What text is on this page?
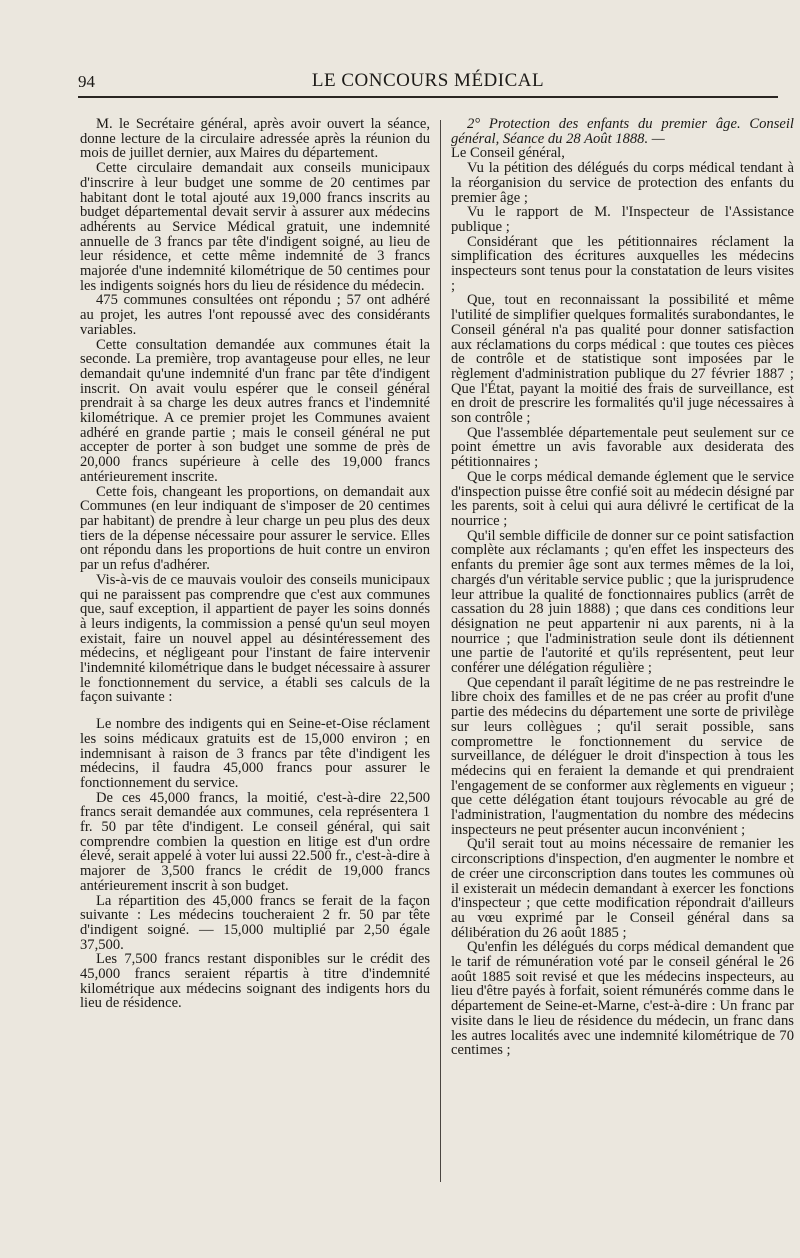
94	LE CONCOURS MÉDICAL

M. le Secrétaire général, après avoir ouvert la séance, donne lecture de la circulaire adressée après la réunion du mois de juillet dernier, aux Maires du département.

Cette circulaire demandait aux conseils municipaux d'inscrire à leur budget une somme de 20 centimes par habitant dont le total ajouté aux 19,000 francs inscrits au budget départemental devait servir à assurer aux médecins adhérents au Service Médical gratuit, une indemnité annuelle de 3 francs par tête d'indigent soigné, au lieu de leur résidence, et cette même indemnité de 3 francs majorée d'une indemnité kilométrique de 50 centimes pour les indigents soignés hors du lieu de résidence du médecin.

475 communes consultées ont répondu ; 57 ont adhéré au projet, les autres l'ont repoussé avec des considérants variables.

Cette consultation demandée aux communes était la seconde. La première, trop avantageuse pour elles, ne leur demandait qu'une indemnité d'un franc par tête d'indigent inscrit. On avait voulu espérer que le conseil général prendrait à sa charge les deux autres francs et l'indemnité kilométrique. A ce premier projet les Communes avaient adhéré en grande partie ; mais le conseil général ne put accepter de porter à son budget une somme de près de 20,000 francs supérieure à celle des 19,000 francs antérieurement inscrite.

Cette fois, changeant les proportions, on demandait aux Communes (en leur indiquant de s'imposer de 20 centimes par habitant) de prendre à leur charge un peu plus des deux tiers de la dépense nécessaire pour assurer le service. Elles ont répondu dans les proportions de huit contre un environ par un refus d'adhérer.

Vis-à-vis de ce mauvais vouloir des conseils municipaux qui ne paraissent pas comprendre que c'est aux communes que, sauf exception, il appartient de payer les soins donnés à leurs indigents, la commission a pensé qu'un seul moyen existait, faire un nouvel appel au désintéressement des médecins, et négligeant pour l'instant de faire intervenir l'indemnité kilométrique dans le budget nécessaire à assurer le fonctionnement du service, a établi ses calculs de la façon suivante :

Le nombre des indigents qui en Seine-et-Oise réclament les soins médicaux gratuits est de 15,000 environ ; en indemnisant à raison de 3 francs par tête d'indigent les médecins, il faudra 45,000 francs pour assurer le fonctionnement du service.

De ces 45,000 francs, la moitié, c'est-à-dire 22,500 francs serait demandée aux communes, cela représentera 1 fr. 50 par tête d'indigent. Le conseil général, qui sait comprendre combien la question en litige est d'un ordre élevé, serait appelé à voter lui aussi 22.500 fr., c'est-à-dire à majorer de 3,500 francs le crédit de 19,000 francs antérieurement inscrit à son budget.

La répartition des 45,000 francs se ferait de la façon suivante : Les médecins toucheraient 2 fr. 50 par tête d'indigent soigné. — 15,000 multiplié par 2,50 égale 37,500.

Les 7,500 francs restant disponibles sur le crédit des 45,000 francs seraient répartis à titre d'indemnité kilométrique aux médecins soignant des indigents hors du lieu de résidence.

2° Protection des enfants du premier âge. Conseil général, Séance du 28 Août 1888. —

Le Conseil général,

Vu la pétition des délégués du corps médical tendant à la réorganision du service de protection des enfants du premier âge ;

Vu le rapport de M. l'Inspecteur de l'Assistance publique ;

Considérant que les pétitionnaires réclament la simplification des écritures auxquelles les médecins inspecteurs sont tenus pour la constatation de leurs visites ;

Que, tout en reconnaissant la possibilité et même l'utilité de simplifier quelques formalités surabondantes, le Conseil général n'a pas qualité pour donner satisfaction aux réclamations du corps médical : que toutes ces pièces de contrôle et de statistique sont imposées par le règlement d'administration publique du 27 février 1887 ; Que l'État, payant la moitié des frais de surveillance, est en droit de prescrire les formalités qu'il juge nécessaires à son contrôle ;

Que l'assemblée départementale peut seulement sur ce point émettre un avis favorable aux desiderata des pétitionnaires ;

Que le corps médical demande églement que le service d'inspection puisse être confié soit au médecin désigné par les parents, soit à celui qui aura délivré le certificat de la nourrice ;

Qu'il semble difficile de donner sur ce point satisfaction complète aux réclamants ; qu'en effet les inspecteurs des enfants du premier âge sont aux termes mêmes de la loi, chargés d'un véritable service public ; que la jurisprudence leur attribue la qualité de fonctionnaires publics (arrêt de cassation du 28 juin 1888) ; que dans ces conditions leur désignation ne peut appartenir ni aux parents, ni à la nourrice ; que l'administration seule dont ils détiennent une partie de l'autorité et qu'ils représentent, peut leur conférer une délégation régulière ;

Que cependant il paraît légitime de ne pas restreindre le libre choix des familles et de ne pas créer au profit d'une partie des médecins du département une sorte de privilège sur leurs collègues ; qu'il serait possible, sans compromettre le fonctionnement du service de surveillance, de déléguer le droit d'inspection à tous les médecins qui en feraient la demande et qui prendraient l'engagement de se conformer aux règlements en vigueur ; que cette délégation étant toujours révocable au gré de l'administration, l'augmentation du nombre des médecins inspecteurs ne peut présenter aucun inconvénient ;

Qu'il serait tout au moins nécessaire de remanier les circonscriptions d'inspection, d'en augmenter le nombre et de créer une circonscription dans toutes les communes où il existerait un médecin demandant à exercer les fonctions d'inspecteur ; que cette modification répondrait d'ailleurs au vœu exprimé par le Conseil général dans sa délibération du 26 août 1885 ;

Qu'enfin les délégués du corps médical demandent que le tarif de rémunération voté par le conseil général le 26 août 1885 soit revisé et que les médecins inspecteurs, au lieu d'être payés à forfait, soient rémunérés comme dans le département de Seine-et-Marne, c'est-à-dire : Un franc par visite dans le lieu de résidence du médecin, un franc dans les autres localités avec une indemnité kilométrique de 70 centimes ;
